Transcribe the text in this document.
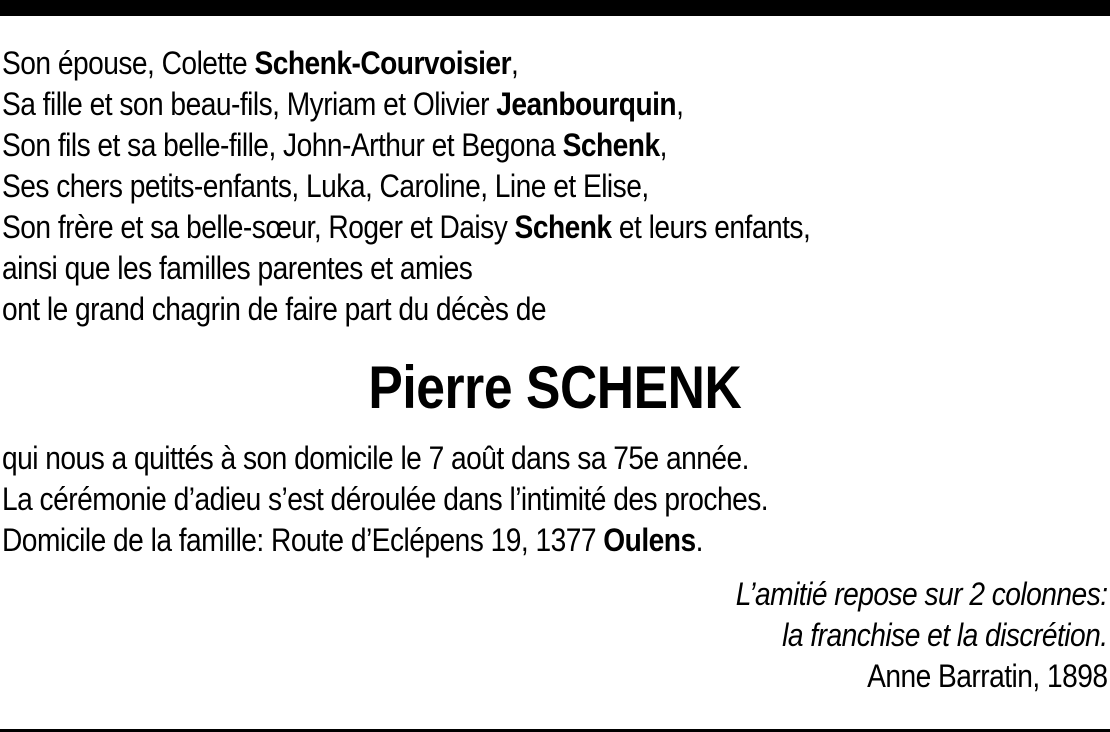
Son épouse, Colette Schenk-Courvoisier,
Sa fille et son beau-fils, Myriam et Olivier Jeanbourquin,
Son fils et sa belle-fille, John-Arthur et Begona Schenk,
Ses chers petits-enfants, Luka, Caroline, Line et Elise,
Son frère et sa belle-sœur, Roger et Daisy Schenk et leurs enfants,
ainsi que les familles parentes et amies
ont le grand chagrin de faire part du décès de

Pierre SCHENK

qui nous a quittés à son domicile le 7 août dans sa 75e année.
La cérémonie d’adieu s’est déroulée dans l’intimité des proches.
Domicile de la famille: Route d’Eclépens 19, 1377 Oulens.

L’amitié repose sur 2 colonnes:
la franchise et la discrétion.
Anne Barratin, 1898
